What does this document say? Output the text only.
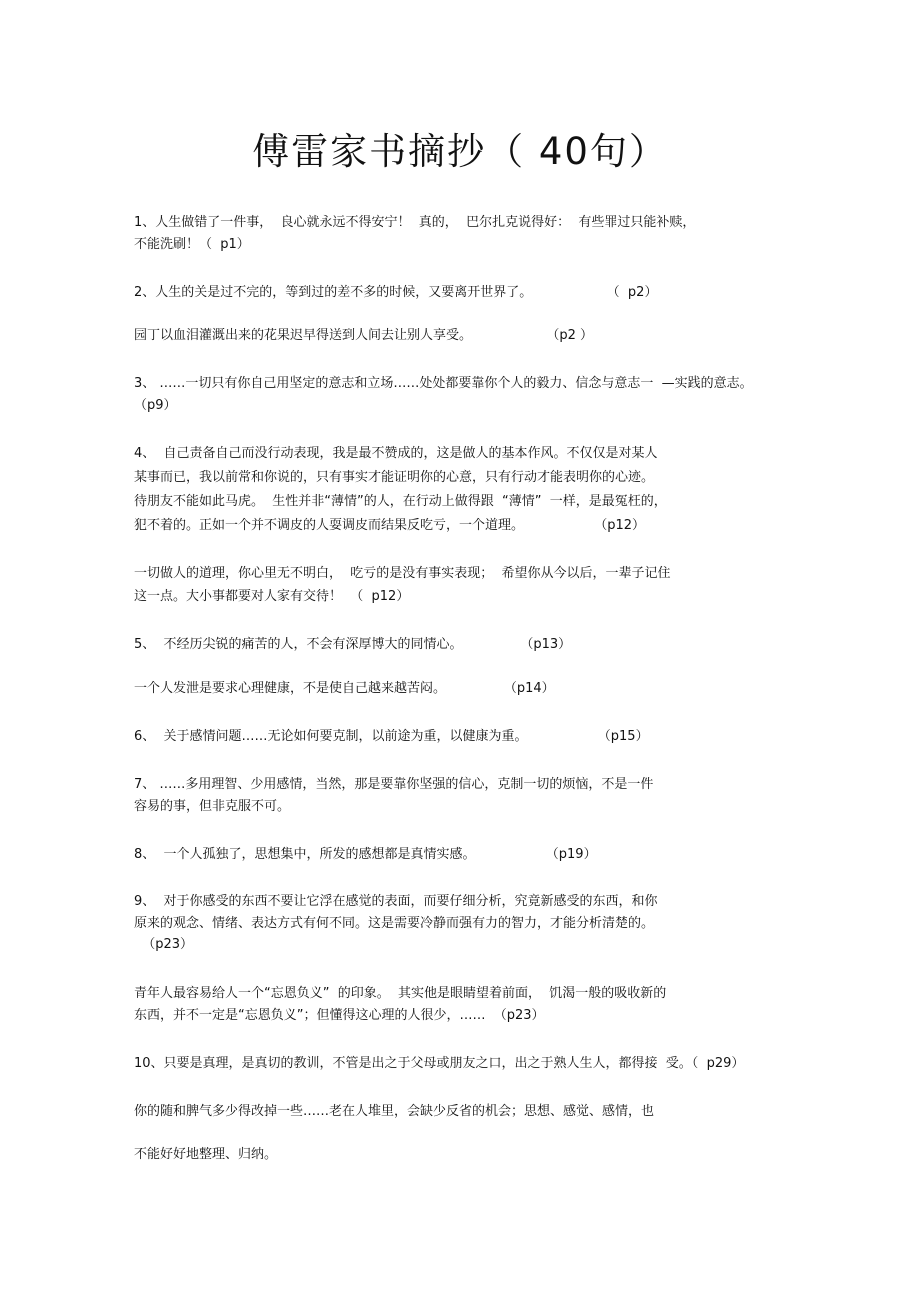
傅雷家书摘抄（ 40句）
1、人生做错了一件事，  良心就永远不得安宁！  真的，  巴尔扎克说得好：  有些罪过只能补赎，
不能洗刷！（  p1）
2、人生的关是过不完的，等到过的差不多的时候，又要离开世界了。                  （  p2）
园丁以血泪灌溉出来的花果迟早得送到人间去让别人享受。                  （p2 ）
3、 ……一切只有你自己用坚定的意志和立场……处处都要靠你个人的毅力、信念与意志一  —实践的意志。
（p9）
4、  自己责备自己而没行动表现，我是最不赞成的，这是做人的基本作风。不仅仅是对某人
某事而已，我以前常和你说的，只有事实才能证明你的心意，只有行动才能表明你的心迹。
待朋友不能如此马虎。  生性并非“薄情”的人，在行动上做得跟  “薄情”  一样，是最冤枉的，
犯不着的。正如一个并不调皮的人耍调皮而结果反吃亏，一个道理。                 （p12）
一切做人的道理，你心里无不明白，  吃亏的是没有事实表现；  希望你从今以后，一辈子记住
这一点。大小事都要对人家有交待！  （  p12）
5、  不经历尖锐的痛苦的人，不会有深厚博大的同情心。              （p13）
一个人发泄是要求心理健康，不是使自己越来越苦闷。              （p14）
6、  关于感情问题……无论如何要克制，以前途为重，以健康为重。                 （p15）
7、 ……多用理智、少用感情，当然，那是要靠你坚强的信心，克制一切的烦恼，不是一件
容易的事，但非克服不可。
8、  一个人孤独了，思想集中，所发的感想都是真情实感。                 （p19）
9、  对于你感受的东西不要让它浮在感觉的表面，而要仔细分析，究竟新感受的东西，和你
原来的观念、情绪、表达方式有何不同。这是需要冷静而强有力的智力，才能分析清楚的。
（p23）
青年人最容易给人一个“忘恩负义”  的印象。  其实他是眼睛望着前面，  饥渴一般的吸收新的
东西，并不一定是“忘恩负义”；但懂得这心理的人很少，……  （p23）
10、只要是真理，是真切的教训，不管是出之于父母或朋友之口，出之于熟人生人，都得接  受。（  p29）
你的随和脾气多少得改掉一些……老在人堆里，会缺少反省的机会；思想、感觉、感情，也
不能好好地整理、归纳。
